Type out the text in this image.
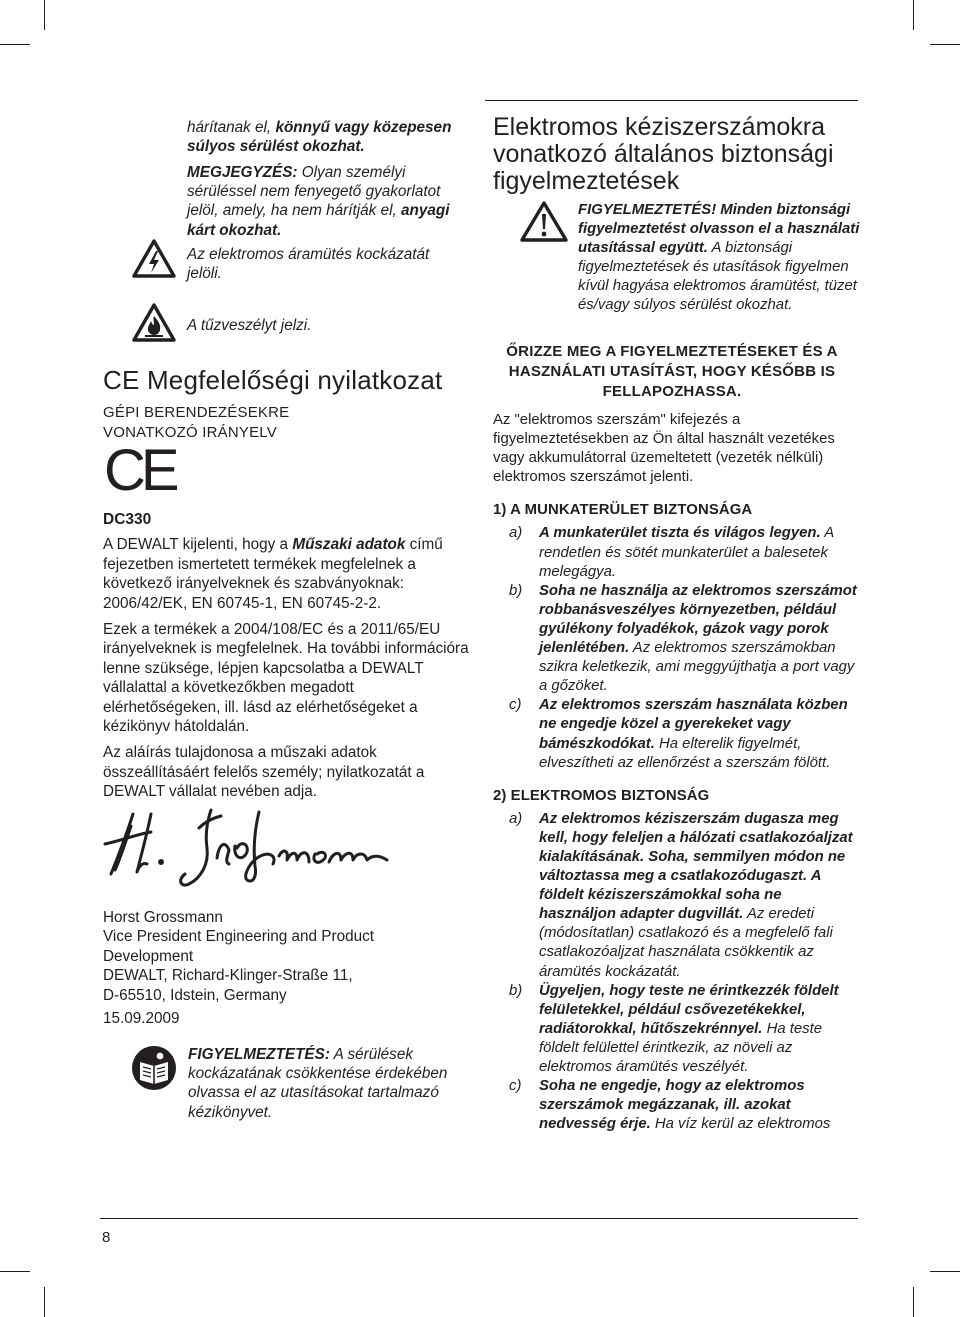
8

hárítanak el, könnyű vagy közepesen
súlyos sérülést okozhat.

MEGJEGYZÉS: Olyan személyi sérüléssel nem fenyegető gyakorlatot jelöl, amely, ha nem hárítják el, anyagi kárt okozhat.

Az elektromos áramütés kockázatát jelöli.

A tűzveszélyt jelzi.

CE Megfelelőségi nyilatkozat

GÉPI BERENDEZÉSEKRE VONATKOZÓ IRÁNYELV

CE

DC330

A DEWALT kijelenti, hogy a Műszaki adatok című fejezetben ismertetett termékek megfelelnek a következő irányelveknek és szabványoknak: 2006/42/EK, EN 60745-1, EN 60745-2-2.

Ezek a termékek a 2004/108/EC és a 2011/65/EU irányelveknek is megfelelnek. Ha további információra lenne szüksége, lépjen kapcsolatba a DEWALT vállalattal a következőkben megadott elérhetőségeken, ill. lásd az elérhetőségeket a kézikönyv hátoldalán.

Az aláírás tulajdonosa a műszaki adatok összeállításáért felelős személy; nyilatkozatát a DEWALT vállalat nevében adja.

Horst Grossmann

Vice President Engineering and Product Development

DEWALT, Richard-Klinger-Straße 11,

D-65510, Idstein, Germany

15.09.2009

FIGYELMEZTETÉS: A sérülések kockázatának csökkentése érdekében olvassa el az utasításokat tartalmazó kézikönyvet.

Elektromos kéziszerszámokra vonatkozó általános biztonsági figyelmeztetések

FIGYELMEZTETÉS! Minden biztonsági figyelmeztetést olvasson el a használati utasítással együtt. A biztonsági figyelmeztetések és utasítások figyelmen kívül hagyása elektromos áramütést, tüzet és/vagy súlyos sérülést okozhat.

ŐRIZZE MEG A FIGYELMEZTETÉSEKET ÉS A HASZNÁLATI UTASÍTÁST, HOGY KÉSŐBB IS FELLAPOZHASSA.

Az "elektromos szerszám" kifejezés a figyelmeztetésekben az Ön által használt vezetékes vagy akkumulátorral üzemeltetett (vezeték nélküli) elektromos szerszámot jelenti.

1) A MUNKATERÜLET BIZTONSÁGA

a) A munkaterület tiszta és világos legyen. A rendetlen és sötét munkaterület a balesetek melegágya.
b) Soha ne használja az elektromos szerszámot robbanásveszélyes környezetben, például gyúlékony folyadékok, gázok vagy porok jelenlétében. Az elektromos szerszámokban szikra keletkezik, ami meggyújthatja a port vagy a gőzöket.
c) Az elektromos szerszám használata közben ne engedje közel a gyerekeket vagy bámészkodókat. Ha elterelik figyelmét, elveszítheti az ellenőrzést a szerszám fölött.

2) ELEKTROMOS BIZTONSÁG

a) Az elektromos kéziszerszám dugasza meg kell, hogy feleljen a hálózati csatlakozóaljzat kialakításának. Soha, semmilyen módon ne változtassa meg a csatlakozódugaszt. A földelt kéziszerszámokkal soha ne használjon adapter dugvillát. Az eredeti (módosítatlan) csatlakozó és a megfelelő fali csatlakozóaljzat használata csökkentik az áramütés kockázatát.
b) Ügyeljen, hogy teste ne érintkezzék földelt felületekkel, például csővezetékekkel, radiátorokkal, hűtőszekrénnyel. Ha teste földelt felülettel érintkezik, az növeli az elektromos áramütés veszélyét.
c) Soha ne engedje, hogy az elektromos szerszámok megázzanak, ill. azokat nedvesség érje. Ha víz kerül az elektromos
